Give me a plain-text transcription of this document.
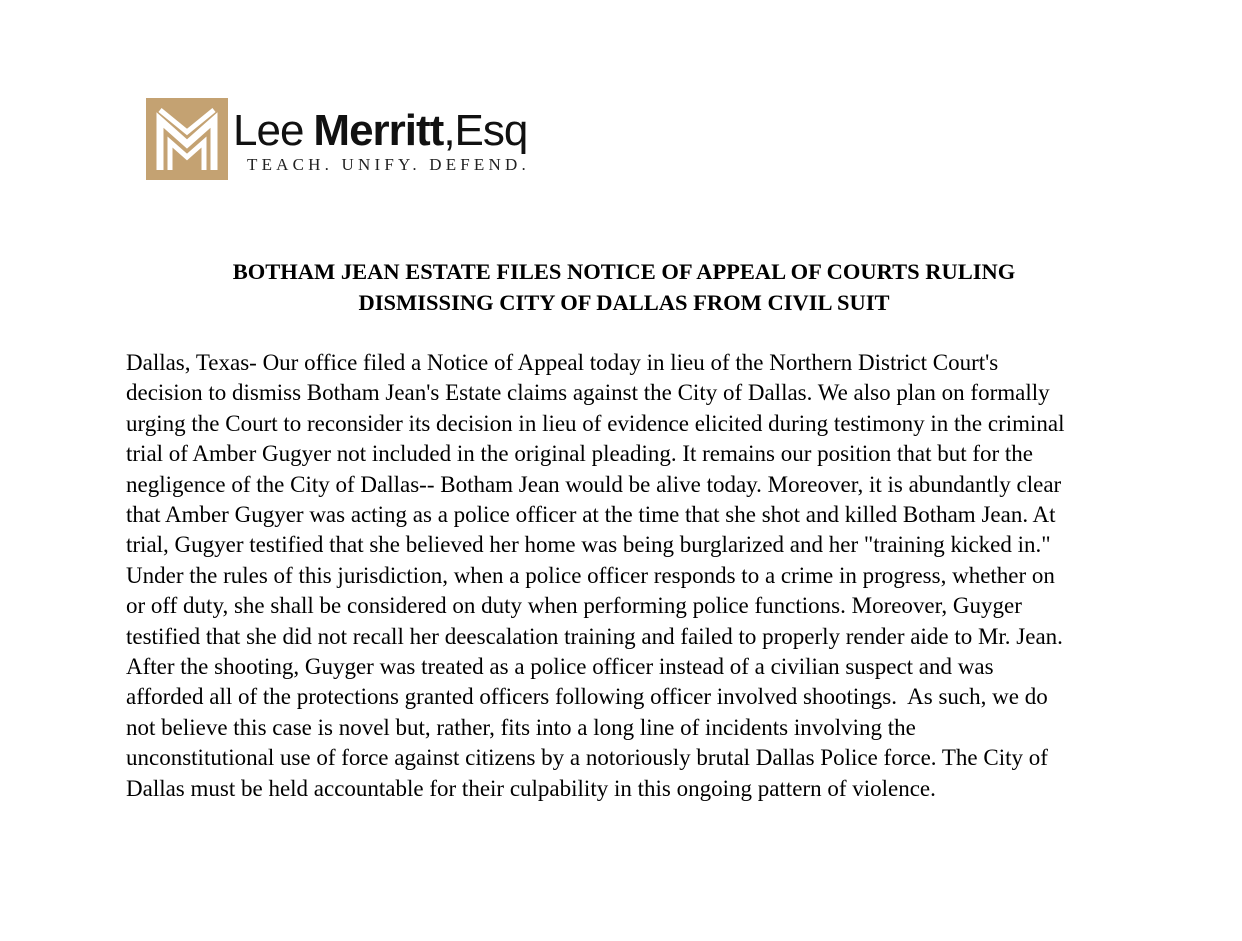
Lee Merritt,Esq
TEACH. UNIFY. DEFEND.
BOTHAM JEAN ESTATE FILES NOTICE OF APPEAL OF COURTS RULING
DISMISSING CITY OF DALLAS FROM CIVIL SUIT
Dallas, Texas- Our office filed a Notice of Appeal today in lieu of the Northern District Court's
decision to dismiss Botham Jean's Estate claims against the City of Dallas. We also plan on formally
urging the Court to reconsider its decision in lieu of evidence elicited during testimony in the criminal
trial of Amber Gugyer not included in the original pleading. It remains our position that but for the
negligence of the City of Dallas-- Botham Jean would be alive today. Moreover, it is abundantly clear
that Amber Gugyer was acting as a police officer at the time that she shot and killed Botham Jean. At
trial, Gugyer testified that she believed her home was being burglarized and her "training kicked in."
Under the rules of this jurisdiction, when a police officer responds to a crime in progress, whether on
or off duty, she shall be considered on duty when performing police functions. Moreover, Guyger
testified that she did not recall her deescalation training and failed to properly render aide to Mr. Jean.
After the shooting, Guyger was treated as a police officer instead of a civilian suspect and was
afforded all of the protections granted officers following officer involved shootings.  As such, we do
not believe this case is novel but, rather, fits into a long line of incidents involving the
unconstitutional use of force against citizens by a notoriously brutal Dallas Police force. The City of
Dallas must be held accountable for their culpability in this ongoing pattern of violence.
